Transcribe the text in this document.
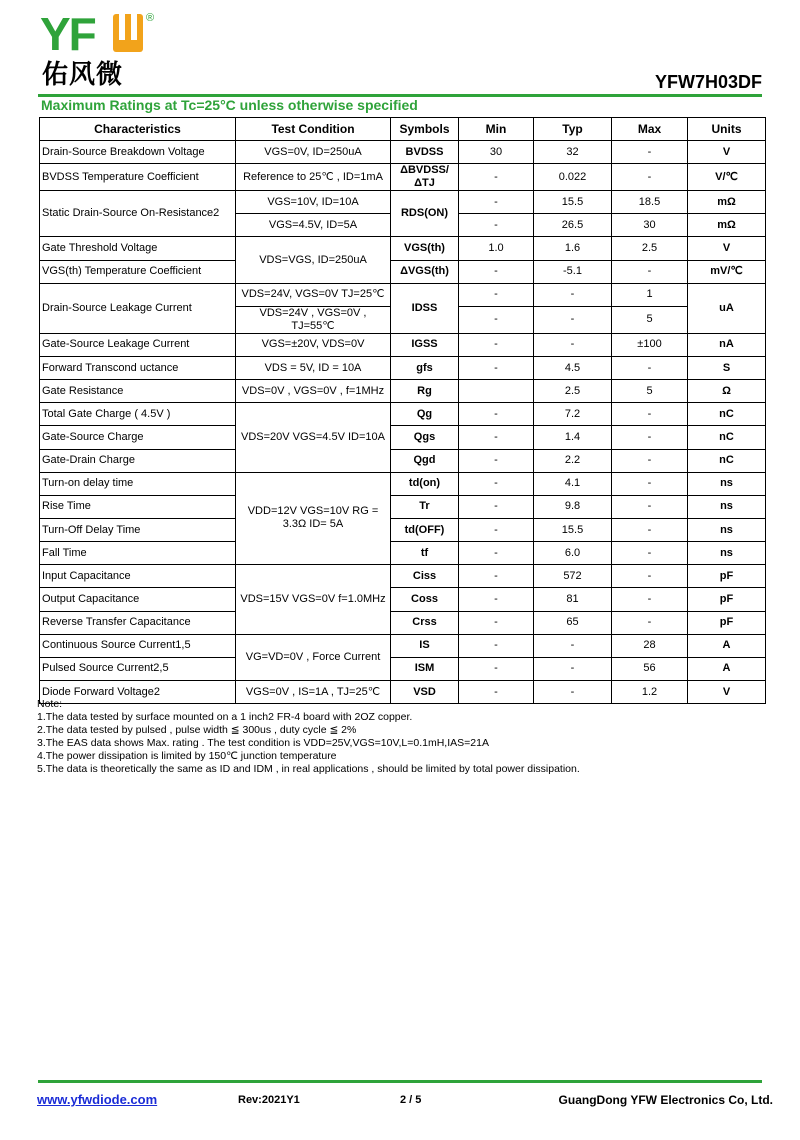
YF	®
佑风微	YFW7H03DF
Maximum Ratings at Tc=25°C unless otherwise specified
Characteristics	Test Condition	Symbols	Min	Typ	Max	Units
Drain-Source Breakdown Voltage	VGS=0V, ID=250uA	BVDSS	30	32	-	V
BVDSS Temperature Coefficient	Reference to 25℃ , ID=1mA	ΔBVDSS/ΔTJ	-	0.022	-	V/℃
Static Drain-Source On-Resistance2	VGS=10V, ID=10A	RDS(ON)	-	15.5	18.5	mΩ
	VGS=4.5V, ID=5A		-	26.5	30	mΩ
Gate Threshold Voltage	VDS=VGS, ID=250uA	VGS(th)	1.0	1.6	2.5	V
VGS(th) Temperature Coefficient		ΔVGS(th)	-	-5.1	-	mV/℃
Drain-Source Leakage Current	VDS=24V, VGS=0V TJ=25℃	IDSS	-	-	1	uA
	VDS=24V , VGS=0V , TJ=55℃		-	-	5	
Gate-Source Leakage Current	VGS=±20V, VDS=0V	IGSS	-	-	±100	nA
Forward Transcond uctance	VDS = 5V, ID = 10A	gfs	-	4.5	-	S
Gate Resistance	VDS=0V , VGS=0V , f=1MHz	Rg		2.5	5	Ω
Total Gate Charge ( 4.5V )	VDS=20V VGS=4.5V ID=10A	Qg	-	7.2	-	nC
Gate-Source Charge		Qgs	-	1.4	-	nC
Gate-Drain Charge		Qgd	-	2.2	-	nC
Turn-on delay time	VDD=12V VGS=10V RG = 3.3Ω ID= 5A	td(on)	-	4.1	-	ns
Rise Time		Tr	-	9.8	-	ns
Turn-Off Delay Time		td(OFF)	-	15.5	-	ns
Fall Time		tf	-	6.0	-	ns
Input Capacitance	VDS=15V VGS=0V f=1.0MHz	Ciss	-	572	-	pF
Output Capacitance		Coss	-	81	-	pF
Reverse Transfer Capacitance		Crss	-	65	-	pF
Continuous Source Current1,5	VG=VD=0V , Force Current	IS	-	-	28	A
Pulsed Source Current2,5		ISM	-	-	56	A
Diode Forward Voltage2	VGS=0V , IS=1A , TJ=25℃	VSD	-	-	1.2	V
Note:
1.The data tested by surface mounted on a 1 inch2 FR-4 board with 2OZ copper.
2.The data tested by pulsed , pulse width ≦ 300us , duty cycle ≦ 2%
3.The EAS data shows Max. rating . The test condition is VDD=25V,VGS=10V,L=0.1mH,IAS=21A
4.The power dissipation is limited by 150℃ junction temperature
5.The data is theoretically the same as ID and IDM , in real applications , should be limited by total power dissipation.
www.yfwdiode.com	Rev:2021Y1	2 / 5	GuangDong YFW Electronics Co, Ltd.
